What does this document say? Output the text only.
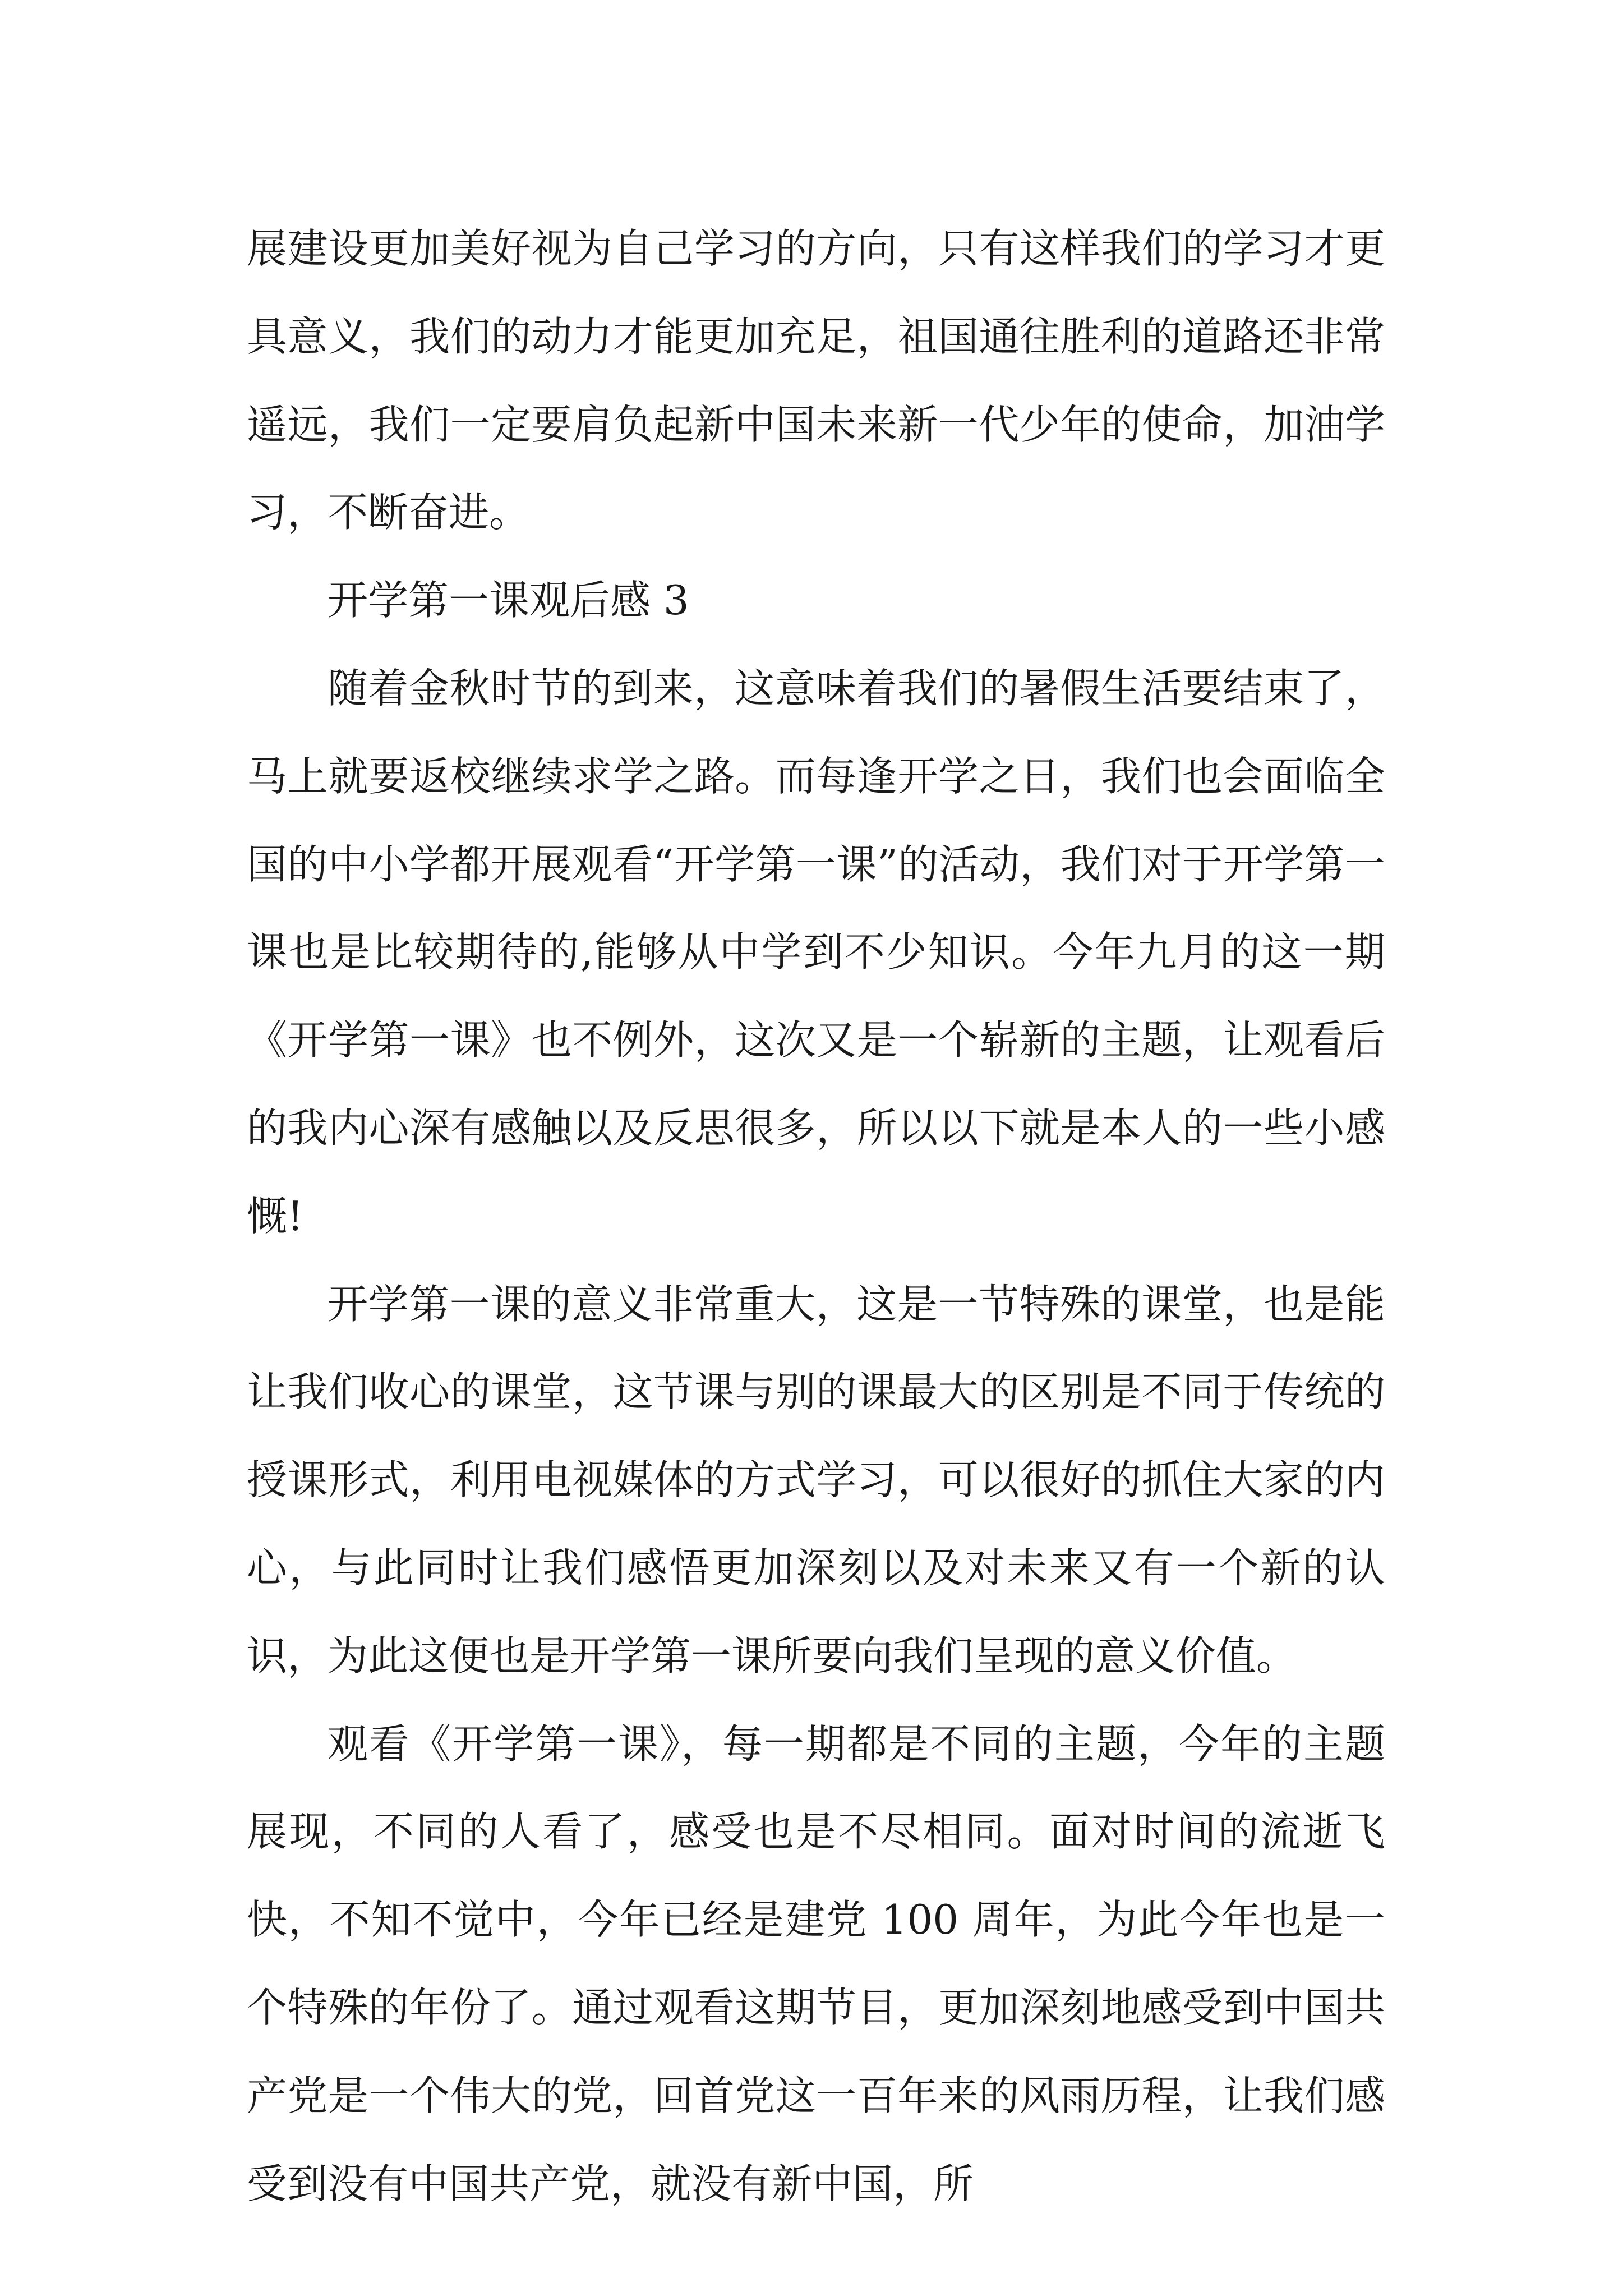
展建设更加美好视为自己学习的方向，只有这样我们的学习才更具意义，我们的动力才能更加充足，祖国通往胜利的道路还非常遥远，我们一定要肩负起新中国未来新一代少年的使命，加油学习，不断奋进。

开学第一课观后感 3

随着金秋时节的到来，这意味着我们的暑假生活要结束了，马上就要返校继续求学之路。而每逢开学之日，我们也会面临全国的中小学都开展观看“开学第一课”的活动，我们对于开学第一课也是比较期待的,能够从中学到不少知识。今年九月的这一期《开学第一课》也不例外，这次又是一个崭新的主题，让观看后的我内心深有感触以及反思很多，所以以下就是本人的一些小感慨!

开学第一课的意义非常重大，这是一节特殊的课堂，也是能让我们收心的课堂，这节课与别的课最大的区别是不同于传统的授课形式，利用电视媒体的方式学习，可以很好的抓住大家的内心，与此同时让我们感悟更加深刻以及对未来又有一个新的认识，为此这便也是开学第一课所要向我们呈现的意义价值。

观看《开学第一课》，每一期都是不同的主题，今年的主题展现，不同的人看了，感受也是不尽相同。面对时间的流逝飞快，不知不觉中，今年已经是建党 100 周年，为此今年也是一个特殊的年份了。通过观看这期节目，更加深刻地感受到中国共产党是一个伟大的党，回首党这一百年来的风雨历程，让我们感受到没有中国共产党，就没有新中国，所
